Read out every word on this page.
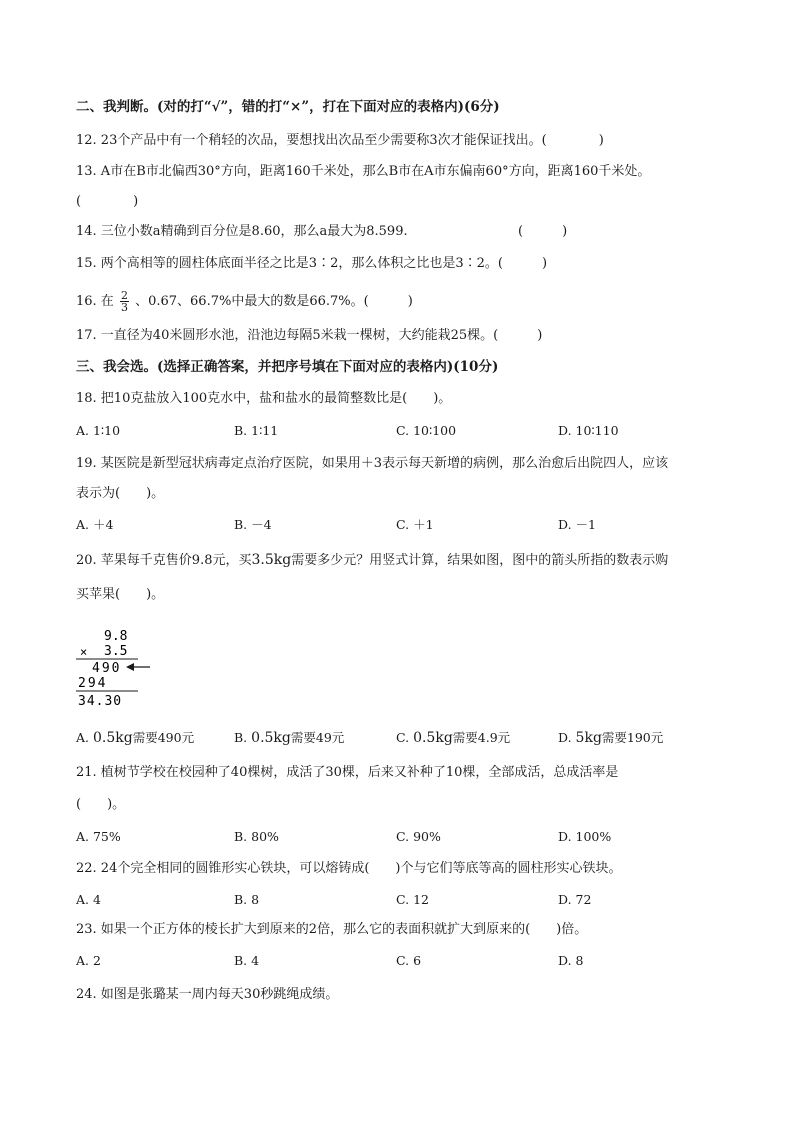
二、我判断。(对的打“√”，错的打“×”，打在下面对应的表格内)(6分)
12. 23个产品中有一个稍轻的次品，要想找出次品至少需要称3次才能保证找出。(　　　　)
13. A市在B市北偏西30°方向，距离160千米处，那么B市在A市东偏南60°方向，距离160千米处。
(　　　　)
14. 三位小数a精确到百分位是8.60，那么a最大为8.599.	(　　　)
15. 两个高相等的圆柱体底面半径之比是3∶2，那么体积之比也是3∶2。(　　　)
16. 在 $\frac{2}{3}$ 、0.67、66.7%中最大的数是66.7%。(　　　)
17. 一直径为40米圆形水池，沿池边每隔5米栽一棵树，大约能栽25棵。(　　　)
三、我会选。(选择正确答案，并把序号填在下面对应的表格内)(10分)
18. 把10克盐放入100克水中，盐和盐水的最简整数比是(　　)。
A. 1∶10	B. 1∶11	C. 10∶100	D. 10∶110
19. 某医院是新型冠状病毒定点治疗医院，如果用＋3表示每天新增的病例，那么治愈后出院四人，应该
表示为(　　)。
A. ＋4	B. －4	C. ＋1	D. －1
20. 苹果每千克售价9.8元，买3.5kg需要多少元？用竖式计算，结果如图，图中的箭头所指的数表示购
买苹果(　　)。
9.8
× 3.5
490
294
34.30
A. 0.5kg需要490元	B. 0.5kg需要49元	C. 0.5kg需要4.9元	D. 5kg需要190元
21. 植树节学校在校园种了40棵树，成活了30棵，后来又补种了10棵，全部成活，总成活率是
(　　)。
A. 75%	B. 80%	C. 90%	D. 100%
22. 24个完全相同的圆锥形实心铁块，可以熔铸成(　　)个与它们等底等高的圆柱形实心铁块。
A. 4	B. 8	C. 12	D. 72
23. 如果一个正方体的棱长扩大到原来的2倍，那么它的表面积就扩大到原来的(　　)倍。
A. 2	B. 4	C. 6	D. 8
24. 如图是张璐某一周内每天30秒跳绳成绩。
